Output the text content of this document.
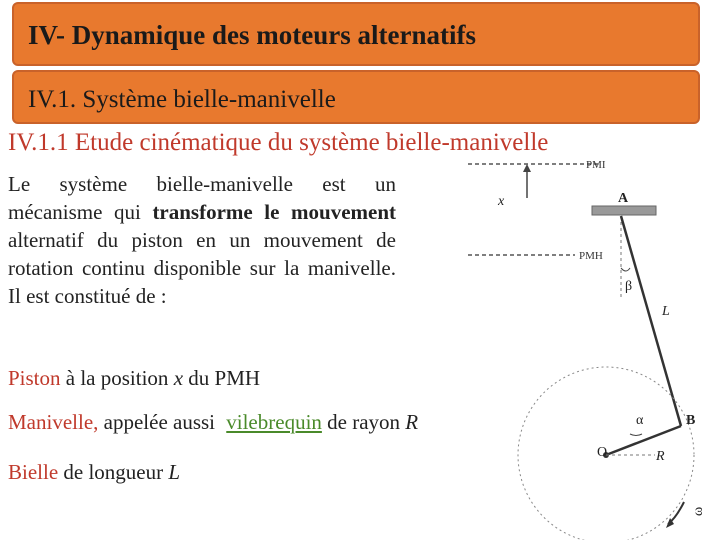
IV- Dynamique des moteurs alternatifs
IV.1. Système bielle-manivelle
IV.1.1 Etude cinématique du système bielle-manivelle
Le système bielle-manivelle est un mécanisme qui transforme le mouvement alternatif du piston en un mouvement de rotation continu disponible sur la manivelle. Il est constitué de :
Piston à la position x du PMH
Manivelle, appelée aussi vilebrequin de rayon R
Bielle de longueur L
PMI
x	A
PMH
β
L
O	R
α	B
ω
